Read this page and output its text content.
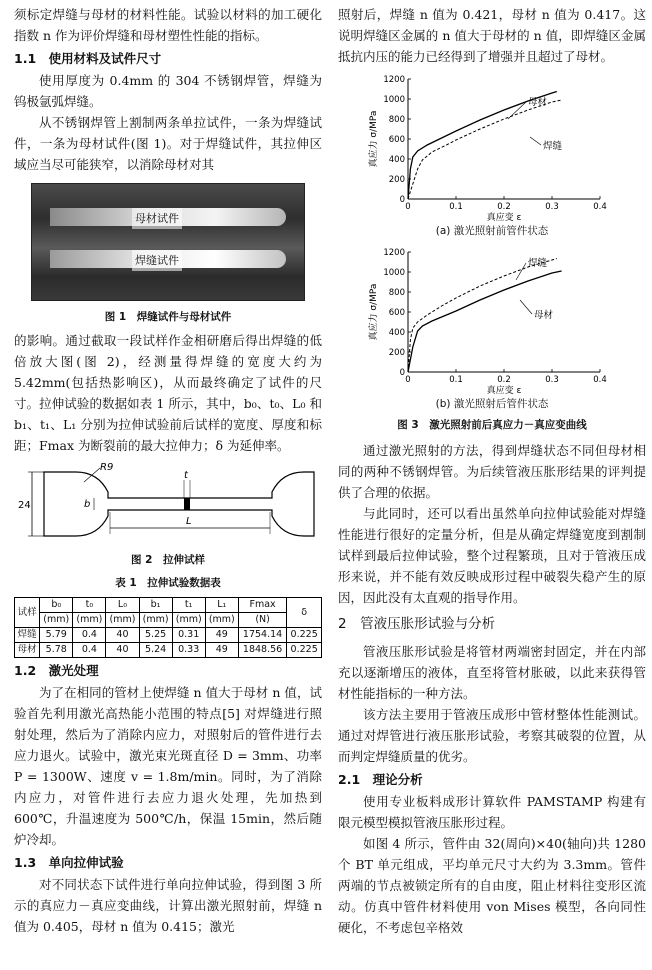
须标定焊缝与母材的材料性能。试验以材料的加工硬化指数 n 作为评价焊缝和母材塑性性能的指标。

1.1　使用材料及试件尺寸

使用厚度为 0.4mm 的 304 不锈钢焊管，焊缝为钨极氩弧焊缝。

从不锈钢焊管上割制两条单拉试件，一条为焊缝试件，一条为母材试件(图 1)。对于焊缝试件，其拉伸区域应当尽可能狭窄，以消除母材对其

母材试件
焊缝试件
图 1　焊缝试件与母材试件

的影响。通过截取一段试样作金相研磨后得出焊缝的低倍放大图(图 2)，经测量得焊缝的宽度大约为 5.42mm(包括热影响区)，从而最终确定了试件的尺寸。拉伸试验的数据如表 1 所示，其中，b₀、t₀、L₀ 和 b₁、t₁、L₁ 分别为拉伸试验前后试样的宽度、厚度和标距；Fmax 为断裂前的最大拉伸力；δ 为延伸率。

24
R9
t
b
L
图 2　拉伸试样
表 1　拉伸试验数据表
试样	b₀	t₀	L₀	b₁	t₁	L₁	Fmax	δ
	(mm)	(mm)	(mm)	(mm)	(mm)	(mm)	(N)	
焊缝	5.79	0.4	40	5.25	0.31	49	1754.14	0.225
母材	5.78	0.4	40	5.24	0.33	49	1848.56	0.225
1.2　激光处理

为了在相同的管材上使焊缝 n 值大于母材 n 值，试验首先利用激光高热能小范围的特点[5] 对焊缝进行照射处理，然后为了消除内应力，对照射后的管件进行去应力退火。试验中，激光束光斑直径 D = 3mm、功率 P = 1300W、速度 v = 1.8m/min。同时，为了消除内应力，对管件进行去应力退火处理，先加热到 600℃，升温速度为 500℃/h，保温 15min，然后随炉冷却。

1.3　单向拉伸试验

对不同状态下试件进行单向拉伸试验，得到图 3 所示的真应力－真应变曲线，计算出激光照射前，焊缝 n 值为 0.405，母材 n 值为 0.415；激光

照射后，焊缝 n 值为 0.421，母材 n 值为 0.417。这说明焊缝区金属的 n 值大于母材的 n 值，即焊缝区金属抵抗内压的能力已经得到了增强并且超过了母材。

0	0.1	0.2	0.3	0.4
0
200
400
600
800
1000
1200
真应变 ε
真应力 σ/MPa
母材
焊缝
(a) 激光照射前管件状态
0	0.1	0.2	0.3	0.4
0
200
400
600
800
1000
1200
真应变 ε
真应力 σ/MPa
焊缝
母材
(b) 激光照射后管件状态
图 3　激光照射前后真应力－真应变曲线

通过激光照射的方法，得到焊缝状态不同但母材相同的两种不锈钢焊管。为后续管液压胀形结果的评判提供了合理的依据。

与此同时，还可以看出虽然单向拉伸试验能对焊缝性能进行很好的定量分析，但是从确定焊缝宽度到割制试样到最后拉伸试验，整个过程繁琐，且对于管液压成形来说，并不能有效反映成形过程中破裂失稳产生的原因，因此没有太直观的指导作用。

2　管液压胀形试验与分析

管液压胀形试验是将管材两端密封固定，并在内部充以逐渐增压的液体，直至将管材胀破，以此来获得管材性能指标的一种方法。

该方法主要用于管液压成形中管材整体性能测试。通过对焊管进行液压胀形试验，考察其破裂的位置，从而判定焊缝质量的优劣。

2.1　理论分析

使用专业板料成形计算软件 PAMSTAMP 构建有限元模型模拟管液压胀形过程。

如图 4 所示，管件由 32(周向)×40(轴向)共 1280 个 BT 单元组成，平均单元尺寸大约为 3.3mm。管件两端的节点被锁定所有的自由度，阻止材料往变形区流动。仿真中管件材料使用 von Mises 模型，各向同性硬化，不考虑包辛格效
